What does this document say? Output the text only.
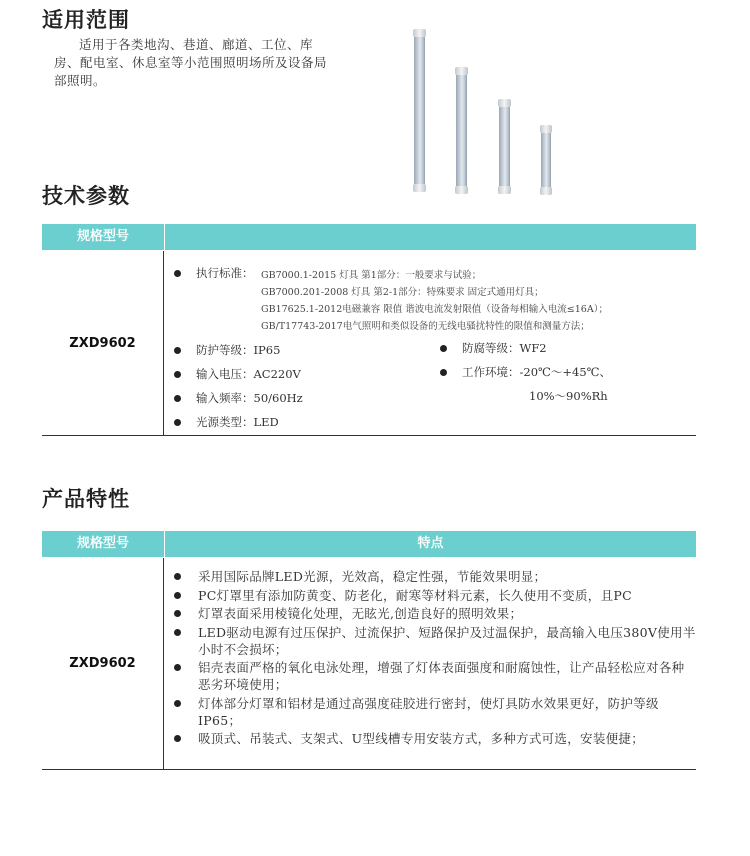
适用范围

适用于各类地沟、巷道、廊道、工位、库房、配电室、休息室等小范围照明场所及设备局部照明。

技术参数
规格型号
ZXD9602
执行标准： GB7000.1-2015 灯具 第1部分：一般要求与试验；
GB7000.201-2008 灯具 第2-1部分：特殊要求 固定式通用灯具；
GB17625.1-2012电磁兼容 限值 谐波电流发射限值（设备每相输入电流≤16A）；
GB/T17743-2017电气照明和类似设备的无线电骚扰特性的限值和测量方法；
防护等级：IP65
输入电压：AC220V
输入频率：50/60Hz
光源类型：LED
防腐等级：WF2
工作环境：-20℃～+45℃、
10%～90%Rh
产品特性
规格型号	特点
ZXD9602
采用国际品牌LED光源，光效高，稳定性强，节能效果明显；
PC灯罩里有添加防黄变、防老化，耐寒等材料元素，长久使用不变质，且PC
灯罩表面采用棱镜化处理，无眩光,创造良好的照明效果；
LED驱动电源有过压保护、过流保护、短路保护及过温保护，最高输入电压380V使用半小时不会损坏；
铝壳表面严格的氧化电泳处理，增强了灯体表面强度和耐腐蚀性，让产品轻松应对各种恶劣环境使用；
灯体部分灯罩和铝材是通过高强度硅胶进行密封，使灯具防水效果更好，防护等级IP65；
吸顶式、吊装式、支架式、U型线槽专用安装方式，多种方式可选，安装便捷；
